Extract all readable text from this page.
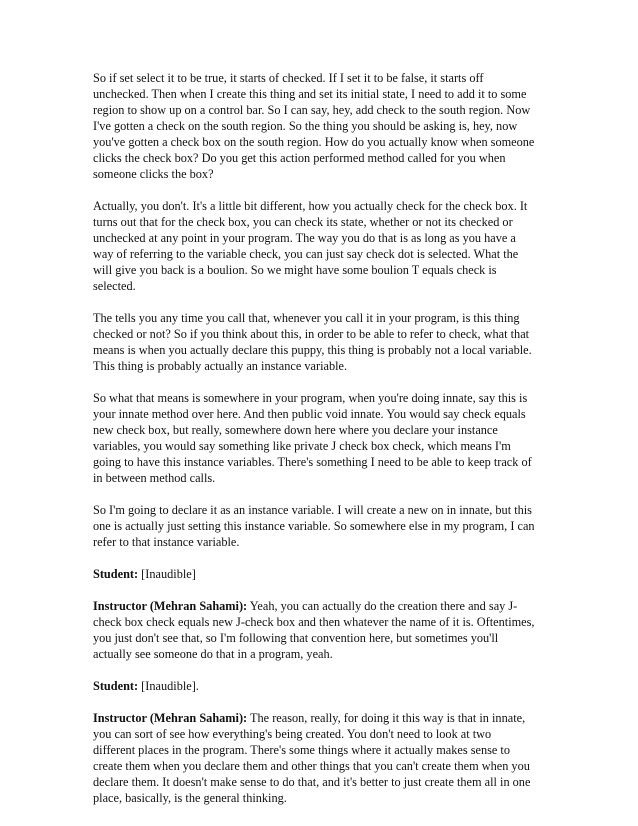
So if set select it to be true, it starts of checked. If I set it to be false, it starts off
unchecked. Then when I create this thing and set its initial state, I need to add it to some
region to show up on a control bar. So I can say, hey, add check to the south region. Now
I've gotten a check on the south region. So the thing you should be asking is, hey, now
you've gotten a check box on the south region. How do you actually know when someone
clicks the check box? Do you get this action performed method called for you when
someone clicks the box?

Actually, you don't. It's a little bit different, how you actually check for the check box. It
turns out that for the check box, you can check its state, whether or not its checked or
unchecked at any point in your program. The way you do that is as long as you have a
way of referring to the variable check, you can just say check dot is selected. What the
will give you back is a boulion. So we might have some boulion T equals check is
selected.

The tells you any time you call that, whenever you call it in your program, is this thing
checked or not? So if you think about this, in order to be able to refer to check, what that
means is when you actually declare this puppy, this thing is probably not a local variable.
This thing is probably actually an instance variable.

So what that means is somewhere in your program, when you're doing innate, say this is
your innate method over here. And then public void innate. You would say check equals
new check box, but really, somewhere down here where you declare your instance
variables, you would say something like private J check box check, which means I'm
going to have this instance variables. There's something I need to be able to keep track of
in between method calls.

So I'm going to declare it as an instance variable. I will create a new on in innate, but this
one is actually just setting this instance variable. So somewhere else in my program, I can
refer to that instance variable.

Student: [Inaudible]

Instructor (Mehran Sahami): Yeah, you can actually do the creation there and say J-
check box check equals new J-check box and then whatever the name of it is. Oftentimes,
you just don't see that, so I'm following that convention here, but sometimes you'll
actually see someone do that in a program, yeah.

Student: [Inaudible].

Instructor (Mehran Sahami): The reason, really, for doing it this way is that in innate,
you can sort of see how everything's being created. You don't need to look at two
different places in the program. There's some things where it actually makes sense to
create them when you declare them and other things that you can't create them when you
declare them. It doesn't make sense to do that, and it's better to just create them all in one
place, basically, is the general thinking.
